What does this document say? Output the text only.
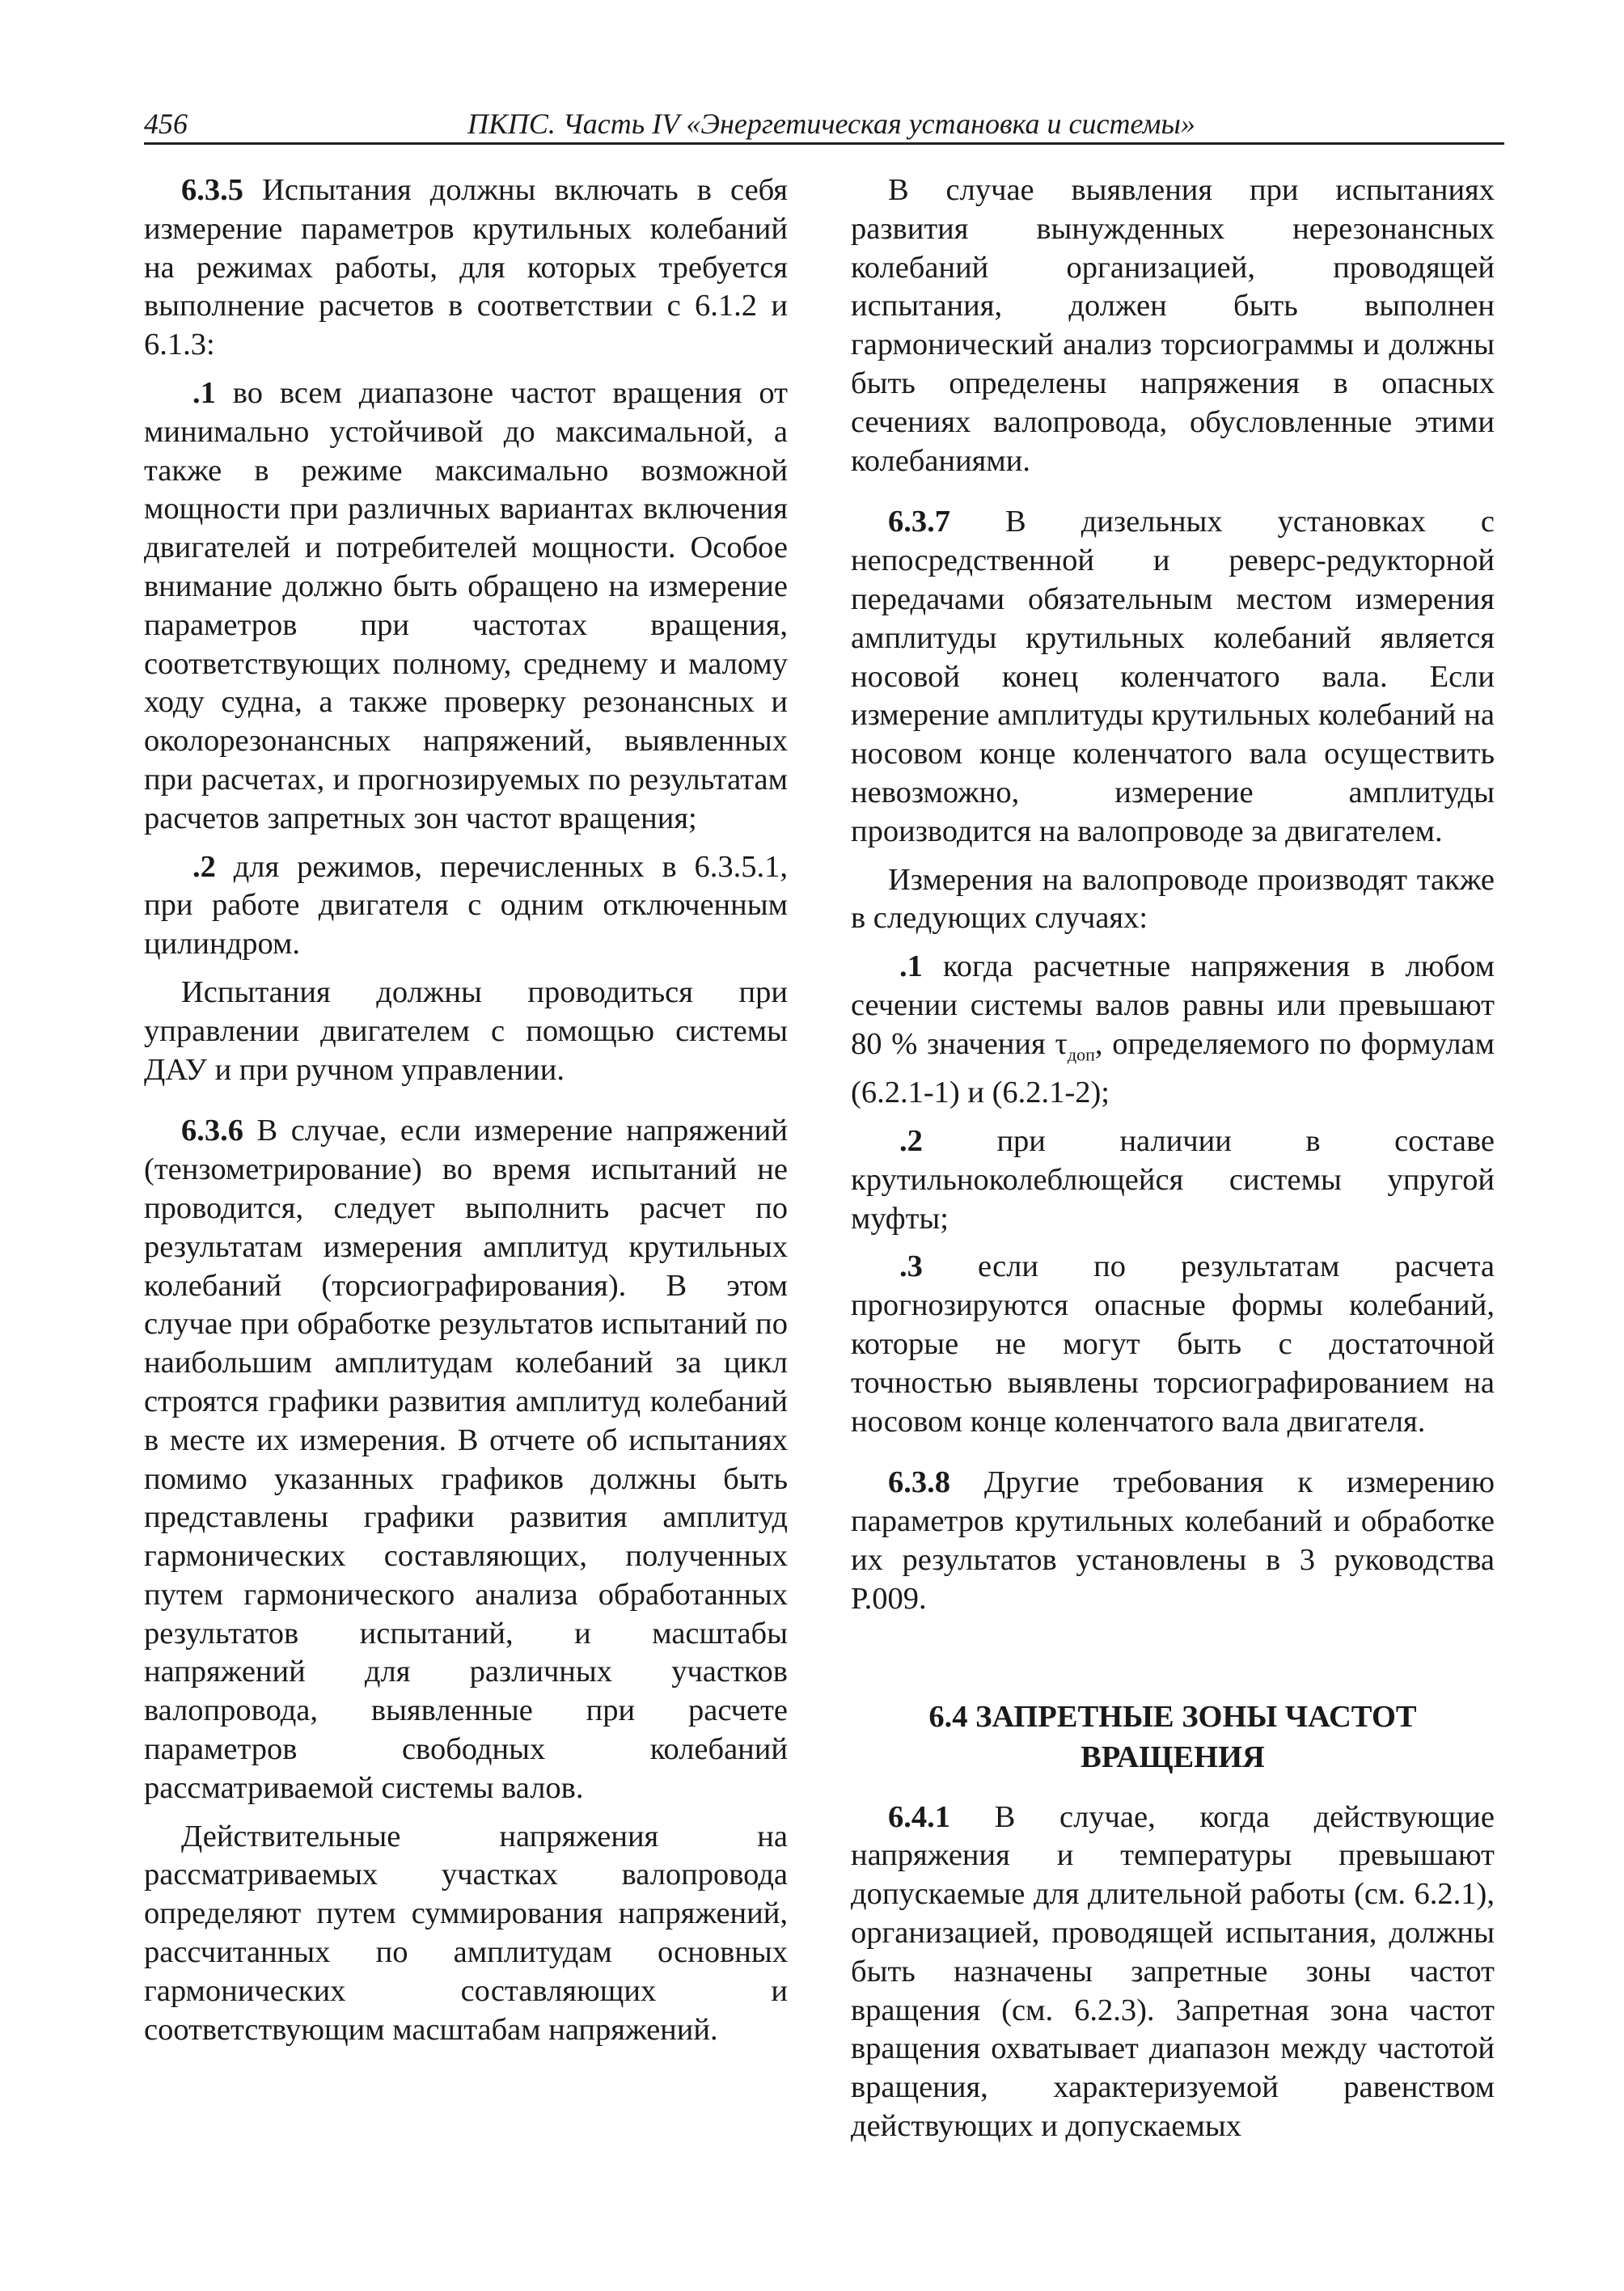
456	ПКПС. Часть IV «Энергетическая установка и системы»

6.3.5 Испытания должны включать в себя измерение параметров крутильных колебаний на режимах работы, для которых требуется выполнение расчетов в соответствии с 6.1.2 и 6.1.3:

.1 во всем диапазоне частот вращения от минимально устойчивой до максимальной, а также в режиме максимально возможной мощности при различных вариантах включения двигателей и потребителей мощности. Особое внимание должно быть обращено на измерение параметров при частотах вращения, соответствующих полному, среднему и малому ходу судна, а также проверку резонансных и околорезонансных напряжений, выявленных при расчетах, и прогнозируемых по результатам расчетов запретных зон частот вращения;

.2 для режимов, перечисленных в 6.3.5.1, при работе двигателя с одним отключенным цилиндром.

Испытания должны проводиться при управлении двигателем с помощью системы ДАУ и при ручном управлении.

6.3.6 В случае, если измерение напряжений (тензометрирование) во время испытаний не проводится, следует выполнить расчет по результатам измерения амплитуд крутильных колебаний (торсиографирования). В этом случае при обработке результатов испытаний по наибольшим амплитудам колебаний за цикл строятся графики развития амплитуд колебаний в месте их измерения. В отчете об испытаниях помимо указанных графиков должны быть представлены графики развития амплитуд гармонических составляющих, полученных путем гармонического анализа обработанных результатов испытаний, и масштабы напряжений для различных участков валопровода, выявленные при расчете параметров свободных колебаний рассматриваемой системы валов.

Действительные напряжения на рассматриваемых участках валопровода определяют путем суммирования напряжений, рассчитанных по амплитудам основных гармонических составляющих и соответствующим масштабам напряжений.

В случае выявления при испытаниях развития вынужденных нерезонансных колебаний организацией, проводящей испытания, должен быть выполнен гармонический анализ торсиограммы и должны быть определены напряжения в опасных сечениях валопровода, обусловленные этими колебаниями.

6.3.7 В дизельных установках с непосредственной и реверс-редукторной передачами обязательным местом измерения амплитуды крутильных колебаний является носовой конец коленчатого вала. Если измерение амплитуды крутильных колебаний на носовом конце коленчатого вала осуществить невозможно, измерение амплитуды производится на валопроводе за двигателем.

Измерения на валопроводе производят также в следующих случаях:

.1 когда расчетные напряжения в любом сечении системы валов равны или превышают 80 % значения $\tau_{доп}$, определяемого по формулам (6.2.1-1) и (6.2.1-2);

.2 при наличии в составе крутильноколеблющейся системы упругой муфты;

.3 если по результатам расчета прогнозируются опасные формы колебаний, которые не могут быть с достаточной точностью выявлены торсиографированием на носовом конце коленчатого вала двигателя.

6.3.8 Другие требования к измерению параметров крутильных колебаний и обработке их результатов установлены в 3 руководства Р.009.

6.4 ЗАПРЕТНЫЕ ЗОНЫ ЧАСТОТ ВРАЩЕНИЯ

6.4.1 В случае, когда действующие напряжения и температуры превышают допускаемые для длительной работы (см. 6.2.1), организацией, проводящей испытания, должны быть назначены запретные зоны частот вращения (см. 6.2.3). Запретная зона частот вращения охватывает диапазон между частотой вращения, характеризуемой равенством действующих и допускаемых
